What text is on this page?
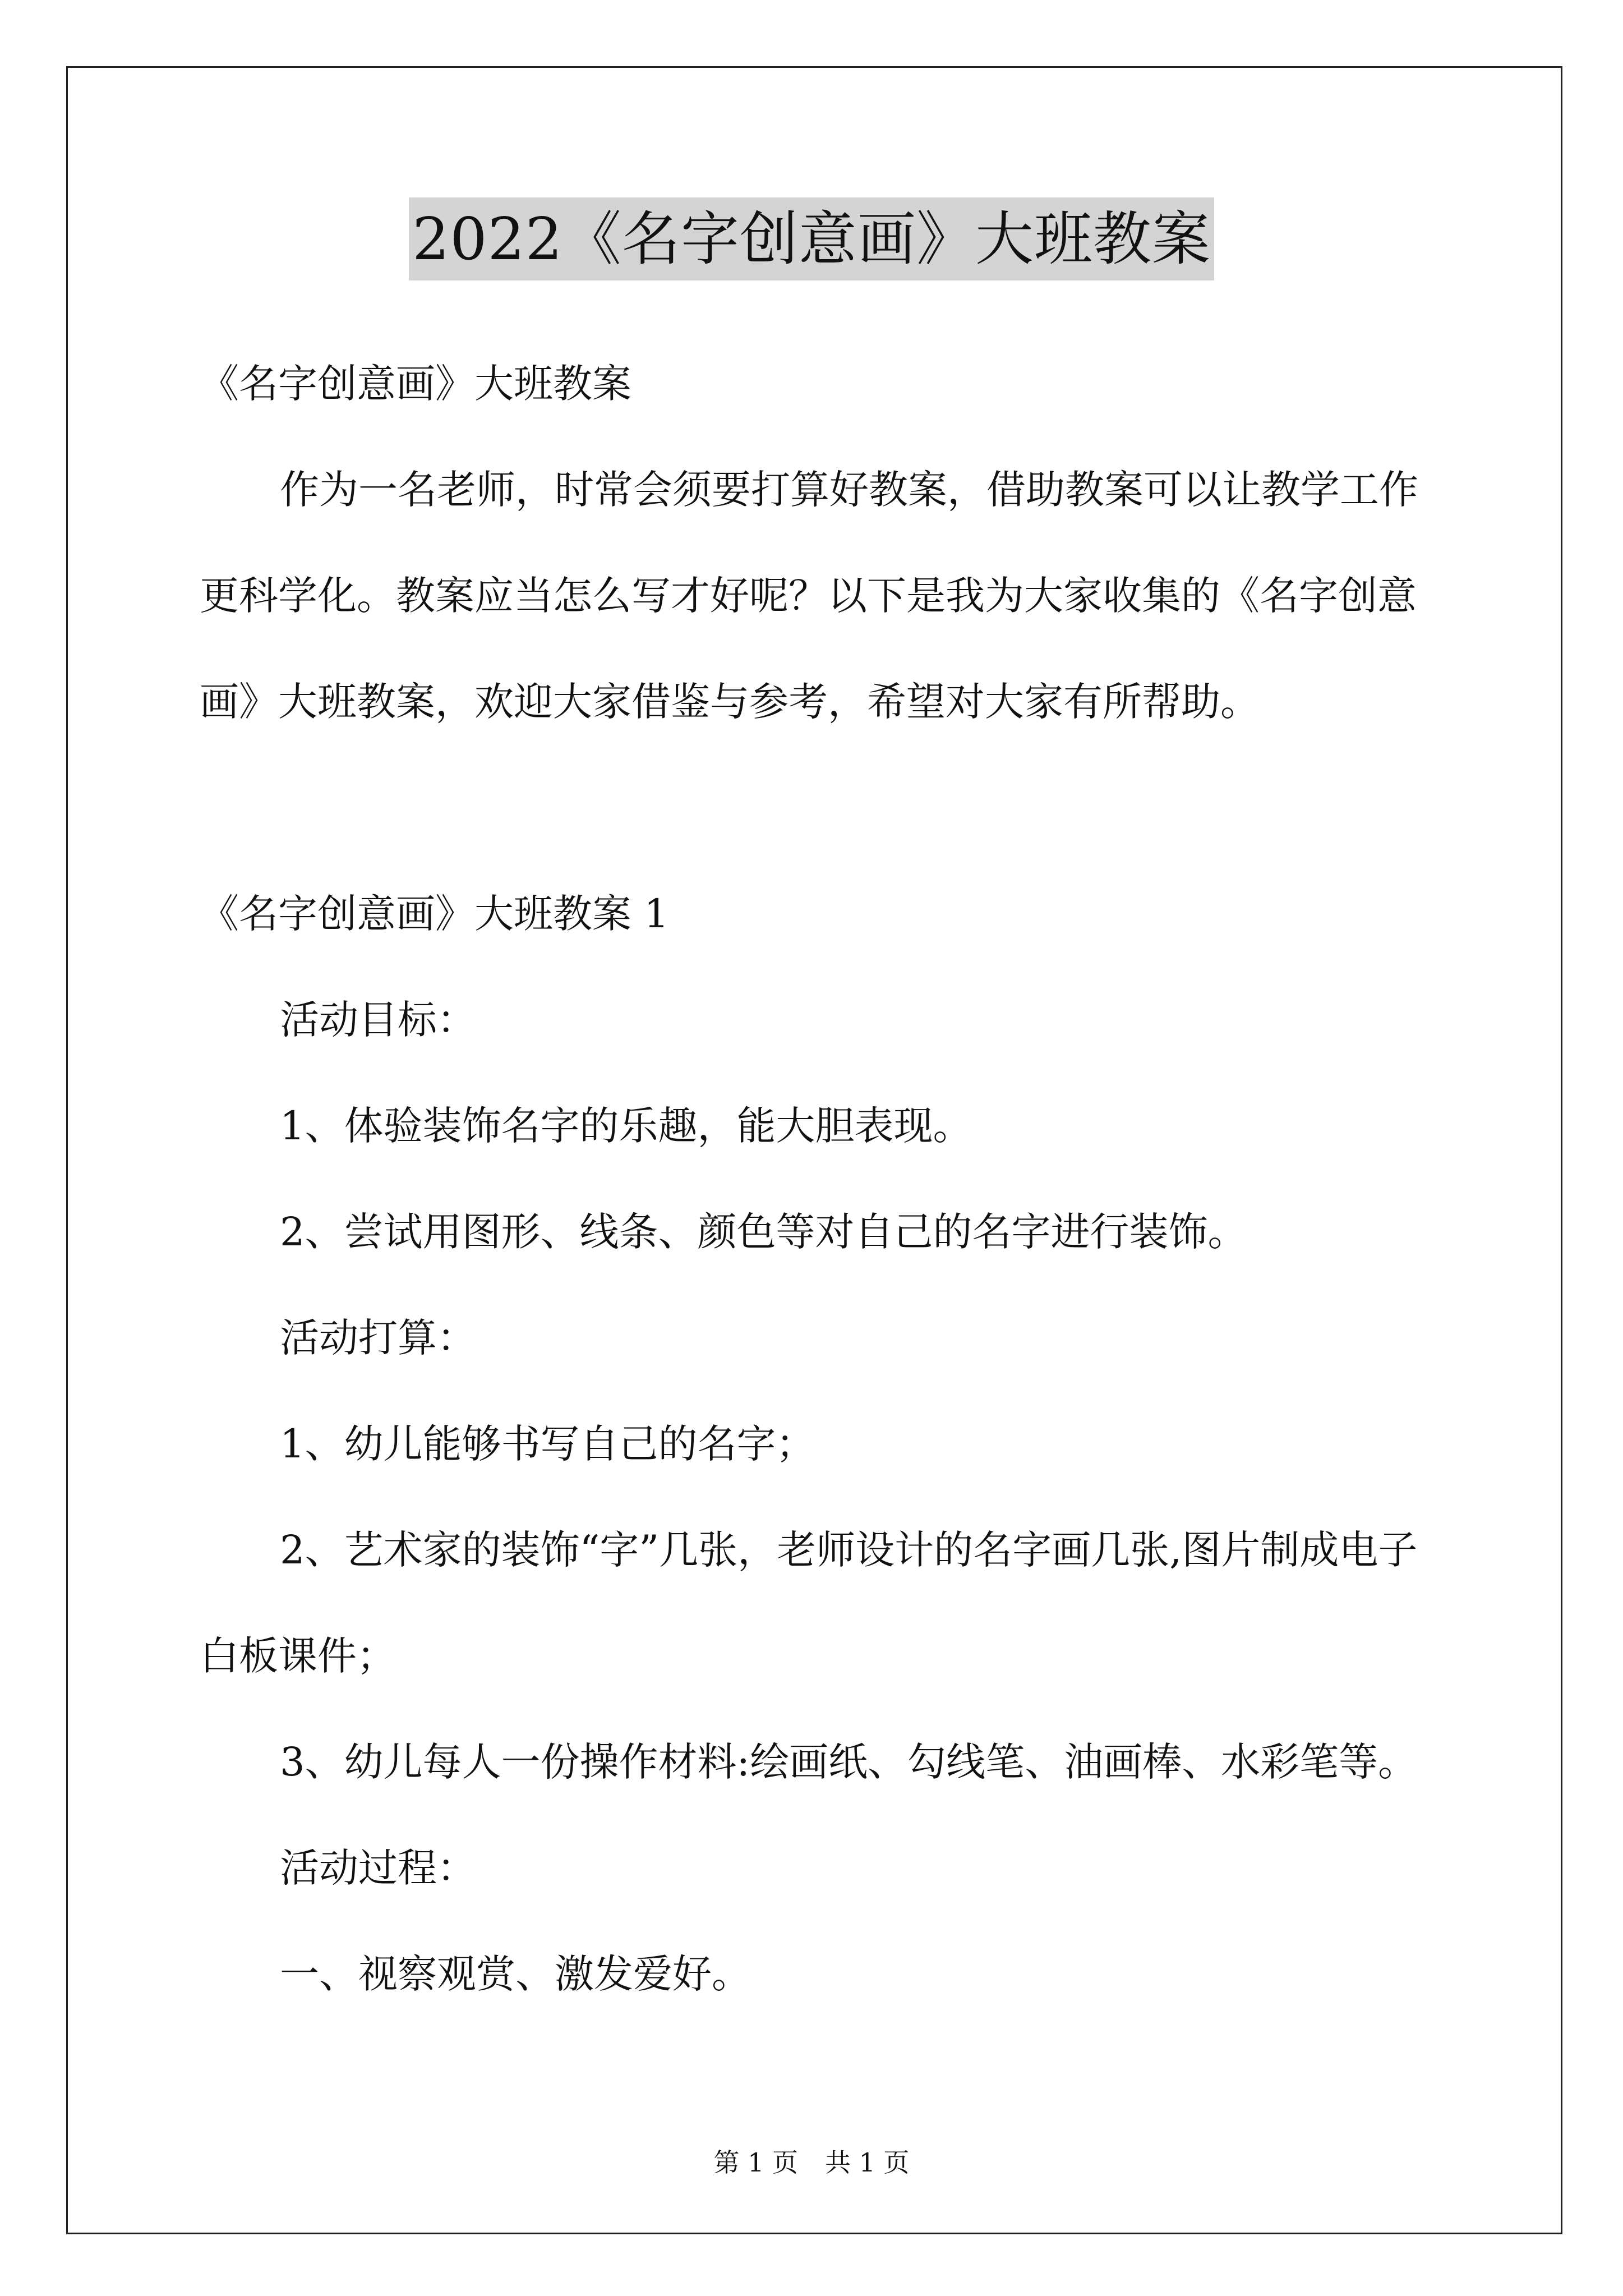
2022《名字创意画》大班教案

《名字创意画》大班教案

作为一名老师，时常会须要打算好教案，借助教案可以让教学工作更科学化。教案应当怎么写才好呢？以下是我为大家收集的《名字创意画》大班教案，欢迎大家借鉴与参考，希望对大家有所帮助。

《名字创意画》大班教案 1

活动目标：

1、体验装饰名字的乐趣，能大胆表现。

2、尝试用图形、线条、颜色等对自己的名字进行装饰。

活动打算：

1、幼儿能够书写自己的名字；

2、艺术家的装饰“字”几张，老师设计的名字画几张,图片制成电子白板课件；

3、幼儿每人一份操作材料:绘画纸、勾线笔、油画棒、水彩笔等。

活动过程：

一、视察观赏、激发爱好。

第 1 页 共 1 页
